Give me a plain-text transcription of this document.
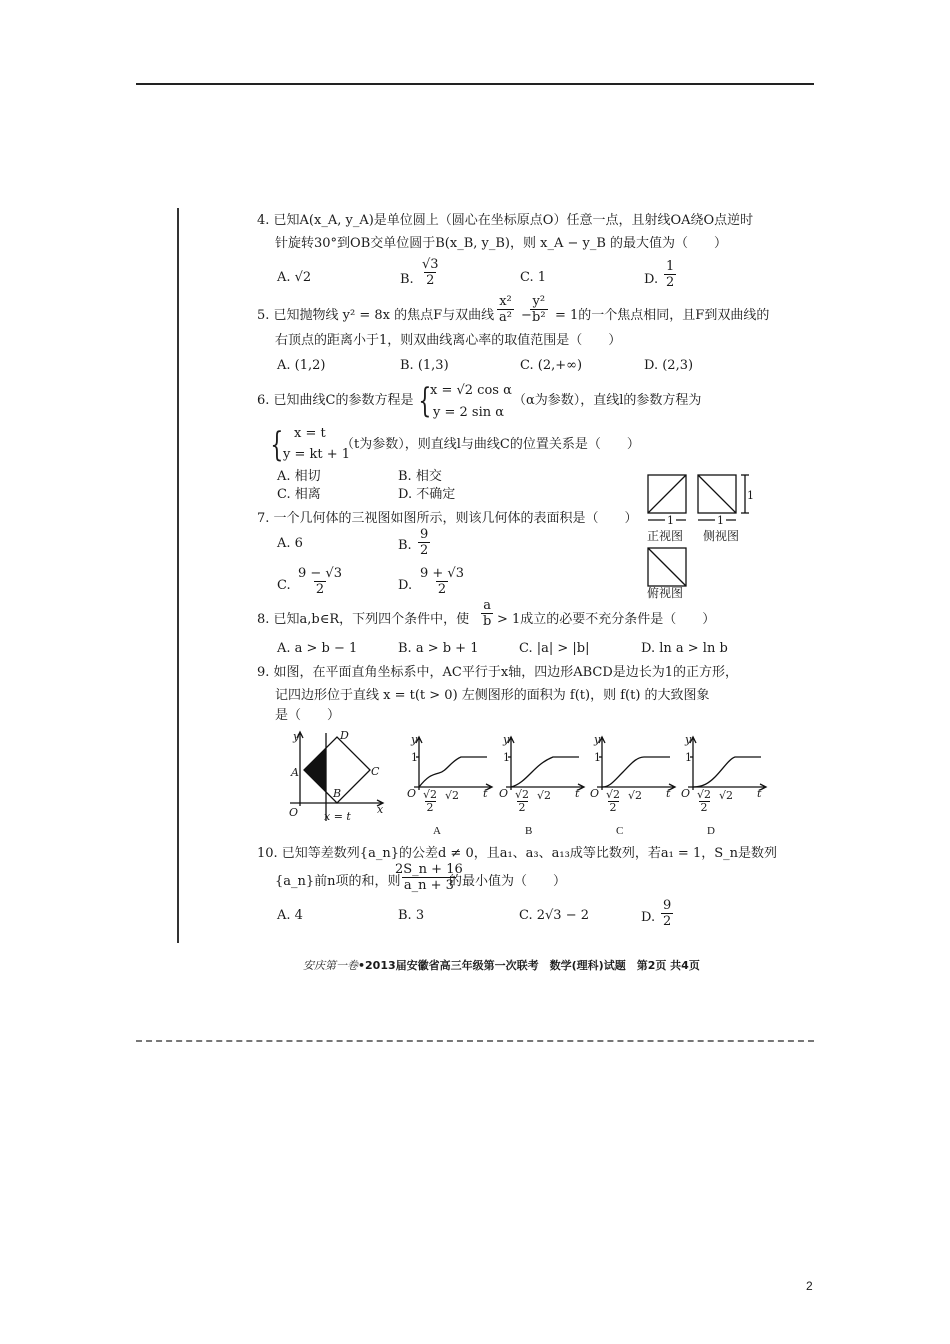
4. 已知A(x_A, y_A)是单位圆上（圆心在坐标原点O）任意一点，且射线OA绕O点逆时
针旋转30°到OB交单位圆于B(x_B, y_B)，则 x_A − y_B 的最大值为（　　）
A. √2	B. $\frac{√3}{2}$	C. 1	D. $\frac{1}{2}$
5. 已知抛物线 y² = 8x 的焦点F与双曲线 $\frac{\text{x²}}{\text{a²}}$ −
$\frac{\text{y²}}{\text{b²}} = 1$的一个焦点相同，且F到双曲线的
右顶点的距离小于1，则双曲线离心率的取值范围是（　　）
A. (1,2)	B. (1,3)	C. (2,+∞)	D. (2,3)
6. 已知曲线C的参数方程是 {
x = √2 cos α
y = 2 sin α
（α为参数），直线l的参数方程为
{ x = t
y = kt + 1
（t为参数），则直线l与曲线C的位置关系是（　　）
A. 相切	B. 相交
C. 相离	D. 不确定	1
1	1
正视图 侧视图
俯视图
7. 一个几何体的三视图如图所示，则该几何体的表面积是（　　）
A. 6	B. $\frac{9}{2}$
C. $\frac{9 - √3}{2}$	D. $\frac{9 + √3}{2}$
8. 已知a,b∈R，下列四个条件中，使 $\frac{a}{b} > 1$成立的必要不充分条件是（　　）
A. a > b − 1	B. a > b + 1	C. |a| > |b|	D. ln a > ln b
9. 如图，在平面直角坐标系中，AC平行于x轴，四边形ABCD是边长为1的正方形，
记四边形位于直线 x = t(t > 0) 左侧图形的面积为 f(t)，则 f(t) 的大致图象
是（　　）
y	D
A	C
B
O	x
x = t
y
1
O	t
$\frac{√2}{2} √2$
A
y
1
O	t
$\frac{√2}{2} √2$
B
y
1
O	t
$\frac{√2}{2} √2$
C
y
1
O	t
$\frac{√2}{2} √2$
D
10. 已知等差数列{a_n}的公差d ≠ 0，且a₁、a₃、a₁₃成等比数列，若a₁ = 1，S_n是数列
{a_n}前n项的和，则
$\frac{2S\_n + 16}{a\_n + 3}$
的最小值为（　　）
A. 4	B. 3	C. 2√3 − 2	D. $\frac{9}{2}$
安庆第一卷•2013届安徽省高三年级第一次联考　数学(理科)试题　第2页 共4页
2
